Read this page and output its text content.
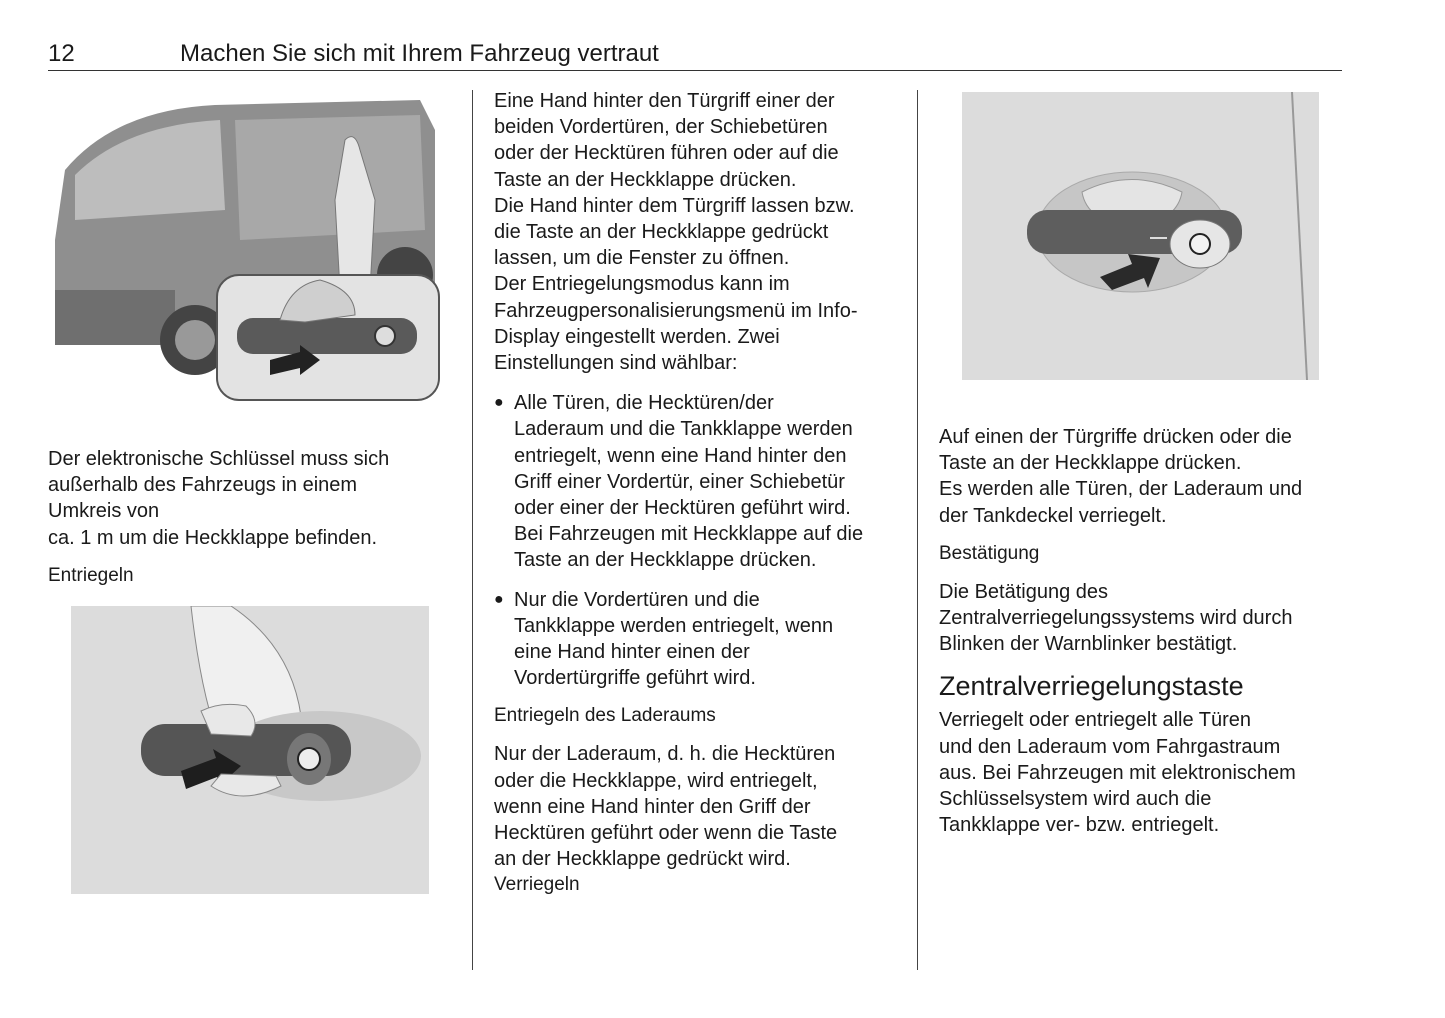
12	Machen Sie sich mit Ihrem Fahrzeug vertraut

Der elektronische Schlüssel muss sich
außerhalb des Fahrzeugs in einem
Umkreis von
ca. 1 m um die Heckklappe befinden.

Entriegeln

Eine Hand hinter den Türgriff einer der
beiden Vordertüren, der Schiebetüren
oder der Hecktüren führen oder auf die
Taste an der Heckklappe drücken.
Die Hand hinter dem Türgriff lassen bzw.
die Taste an der Heckklappe gedrückt
lassen, um die Fenster zu öffnen.
Der Entriegelungsmodus kann im
Fahrzeugpersonalisierungsmenü im Info-
Display eingestellt werden. Zwei
Einstellungen sind wählbar:

● Alle Türen, die Hecktüren/der
Laderaum und die Tankklappe werden
entriegelt, wenn eine Hand hinter den
Griff einer Vordertür, einer Schiebetür
oder einer der Hecktüren geführt wird.
Bei Fahrzeugen mit Heckklappe auf die
Taste an der Heckklappe drücken.
● Nur die Vordertüren und die
Tankklappe werden entriegelt, wenn
eine Hand hinter einen der
Vordertürgriffe geführt wird.

Entriegeln des Laderaums

Nur der Laderaum, d. h. die Hecktüren
oder die Heckklappe, wird entriegelt,
wenn eine Hand hinter den Griff der
Hecktüren geführt oder wenn die Taste
an der Heckklappe gedrückt wird.

Verriegeln

Auf einen der Türgriffe drücken oder die
Taste an der Heckklappe drücken.
Es werden alle Türen, der Laderaum und
der Tankdeckel verriegelt.

Bestätigung

Die Betätigung des
Zentralverriegelungssystems wird durch
Blinken der Warnblinker bestätigt.

Zentralverriegelungstaste

Verriegelt oder entriegelt alle Türen
und den Laderaum vom Fahrgastraum
aus. Bei Fahrzeugen mit elektronischem
Schlüsselsystem wird auch die
Tankklappe ver- bzw. entriegelt.
